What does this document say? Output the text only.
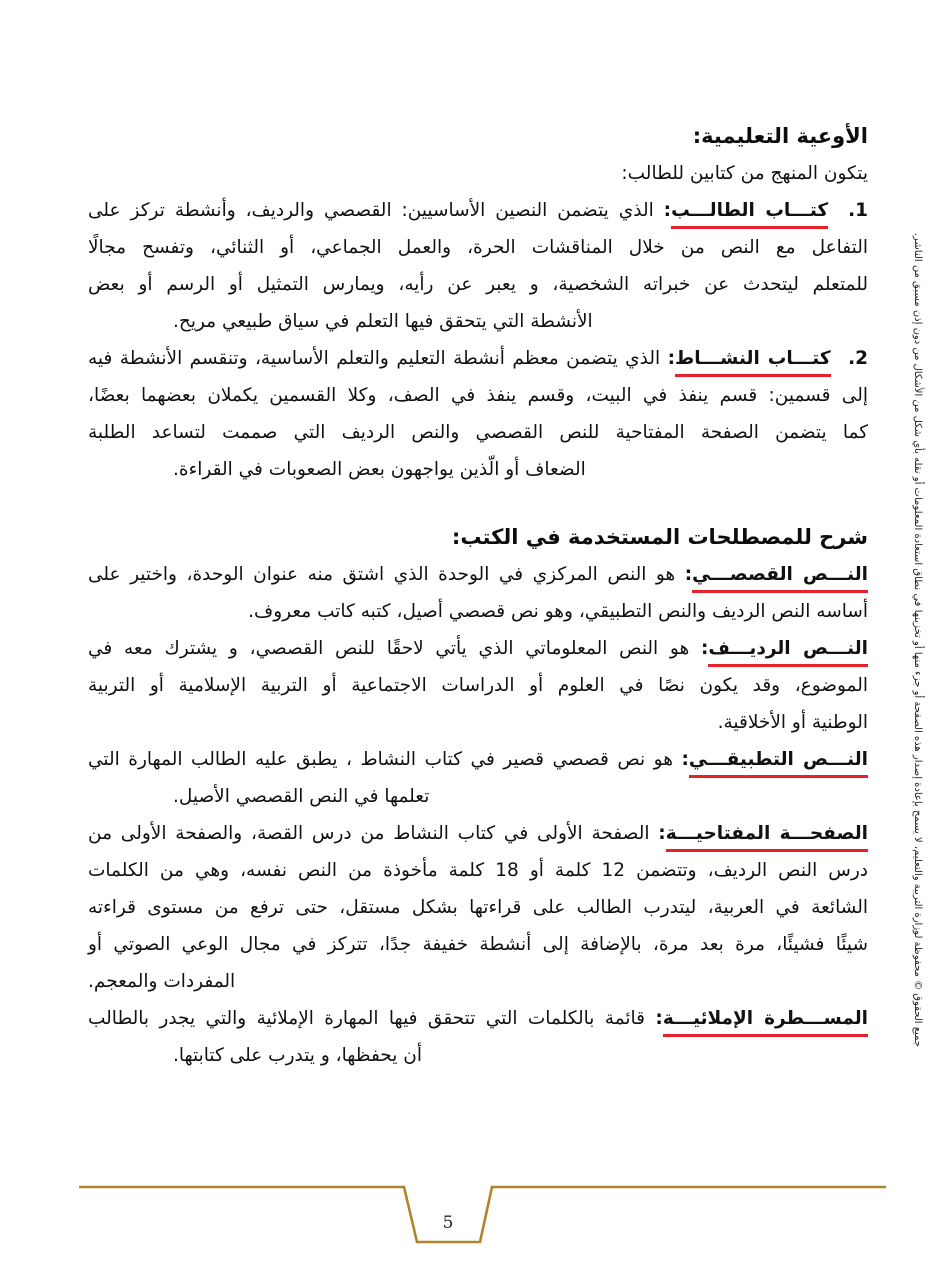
الأوعية التعليمية:
يتكون المنهج من كتابين للطالب:
1. كتـــاب الطالـــب: الذي يتضمن النصين الأساسيين: القصصي والرديف، وأنشطة تركز على
التفاعل مع النص من خلال المناقشات الحرة، والعمل الجماعي، أو الثنائي، وتفسح مجالًا
للمتعلم ليتحدث عن خبراته الشخصية، و يعبر عن رأيه، ويمارس التمثيل أو الرسم أو بعض
الأنشطة التي يتحقق فيها التعلم في سياق طبيعي مريح.
2. كتـــاب النشـــاط: الذي يتضمن معظم أنشطة التعليم والتعلم الأساسية، وتنقسم الأنشطة فيه
إلى قسمين: قسم ينفذ في البيت، وقسم ينفذ في الصف، وكلا القسمين يكملان بعضهما بعضًا،
كما يتضمن الصفحة المفتاحية للنص القصصي والنص الرديف التي صممت لتساعد الطلبة
الضعاف أو الّذين يواجهون بعض الصعوبات في القراءة.
شرح للمصطلحات المستخدمة في الكتب:
النـــص القصصـــي: هو النص المركزي في الوحدة الذي اشتق منه عنوان الوحدة، واختير على
أساسه النص الرديف والنص التطبيقي، وهو نص قصصي أصيل، كتبه كاتب معروف.
النـــص الرديـــف: هو النص المعلوماتي الذي يأتي لاحقًا للنص القصصي، و يشترك معه في
الموضوع، وقد يكون نصًا في العلوم أو الدراسات الاجتماعية أو التربية الإسلامية أو التربية
الوطنية أو الأخلاقية.
النـــص التطبيقـــي: هو نص قصصي قصير في كتاب النشاط ، يطبق عليه الطالب المهارة التي
تعلمها في النص القصصي الأصيل.
الصفحـــة المفتاحيـــة: الصفحة الأولى في كتاب النشاط من درس القصة، والصفحة الأولى من
درس النص الرديف، وتتضمن 12 كلمة أو 18 كلمة مأخوذة من النص نفسه، وهي من الكلمات
الشائعة في العربية، ليتدرب الطالب على قراءتها بشكل مستقل، حتى ترفع من مستوى قراءته
شيئًا فشيئًا، مرة بعد مرة، بالإضافة إلى أنشطة خفيفة جدًا، تتركز في مجال الوعي الصوتي أو
المفردات والمعجم.
المســـطرة الإملائيـــة: قائمة بالكلمات التي تتحقق فيها المهارة الإملائية والتي يجدر بالطالب
أن يحفظها، و يتدرب على كتابتها.
جميع الحقوق © محفوظة لوزارة التربية والتعليم، لا يسمح بإعادة إصدار هذه الصفحة أو جزء منها أو تخزينها في نطاق استعادة المعلومات أو نقله بأي شكل من الأشكال من دون إذن مسبق من الناشر.
5
